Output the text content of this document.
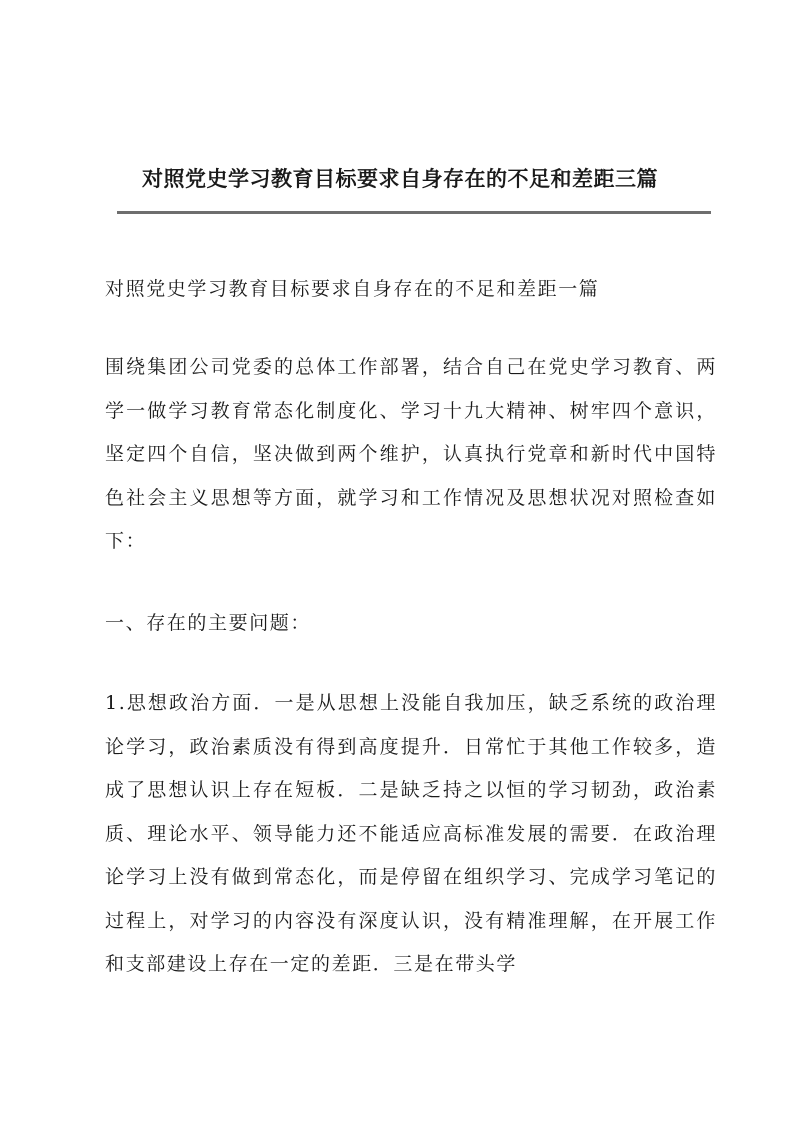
对照党史学习教育目标要求自身存在的不足和差距三篇

对照党史学习教育目标要求自身存在的不足和差距一篇

围绕集团公司党委的总体工作部署，结合自己在党史学习教育、两学一做学习教育常态化制度化、学习十九大精神、树牢四个意识，坚定四个自信，坚决做到两个维护，认真执行党章和新时代中国特色社会主义思想等方面，就学习和工作情况及思想状况对照检查如下：

一、存在的主要问题：

1.思想政治方面．一是从思想上没能自我加压，缺乏系统的政治理论学习，政治素质没有得到高度提升．日常忙于其他工作较多，造成了思想认识上存在短板．二是缺乏持之以恒的学习韧劲，政治素质、理论水平、领导能力还不能适应高标准发展的需要．在政治理论学习上没有做到常态化，而是停留在组织学习、完成学习笔记的过程上，对学习的内容没有深度认识，没有精准理解，在开展工作和支部建设上存在一定的差距．三是在带头学
